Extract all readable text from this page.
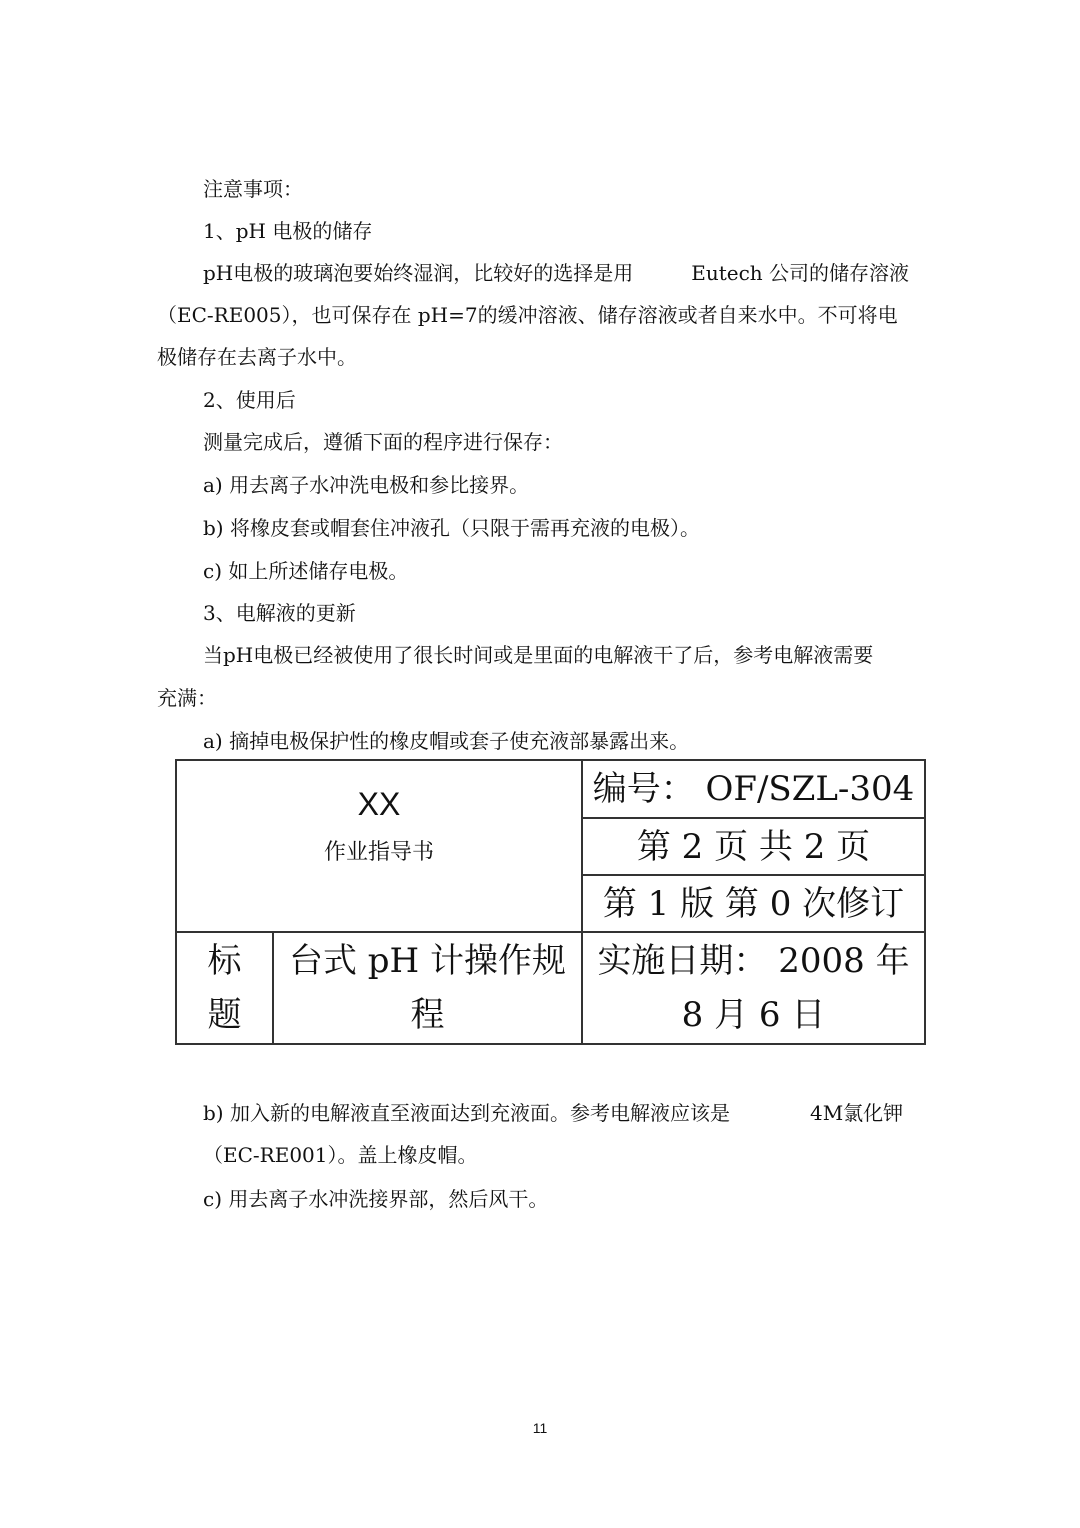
注意事项：
1、pH 电极的储存
pH电极的玻璃泡要始终湿润，比较好的选择是用	Eutech 公司的储存溶液
（EC-RE005），也可保存在 pH=7的缓冲溶液、储存溶液或者自来水中。不可将电
极储存在去离子水中。
2、使用后
测量完成后，遵循下面的程序进行保存：
a) 用去离子水冲洗电极和参比接界。
b) 将橡皮套或帽套住冲液孔（只限于需再充液的电极）。
c) 如上所述储存电极。
3、电解液的更新
当pH电极已经被使用了很长时间或是里面的电解液干了后，参考电解液需要
充满：
a) 摘掉电极保护性的橡皮帽或套子使充液部暴露出来。
XX
作业指导书		编号： OF/SZL-304
		第 2 页 共 2 页
		第 1 版 第 0 次修订
标题	台式 pH 计操作规程	实施日期： 2008 年 8 月 6 日
b) 加入新的电解液直至液面达到充液面。参考电解液应该是	4M氯化钾
（EC-RE001）。盖上橡皮帽。
c) 用去离子水冲洗接界部，然后风干。
11
